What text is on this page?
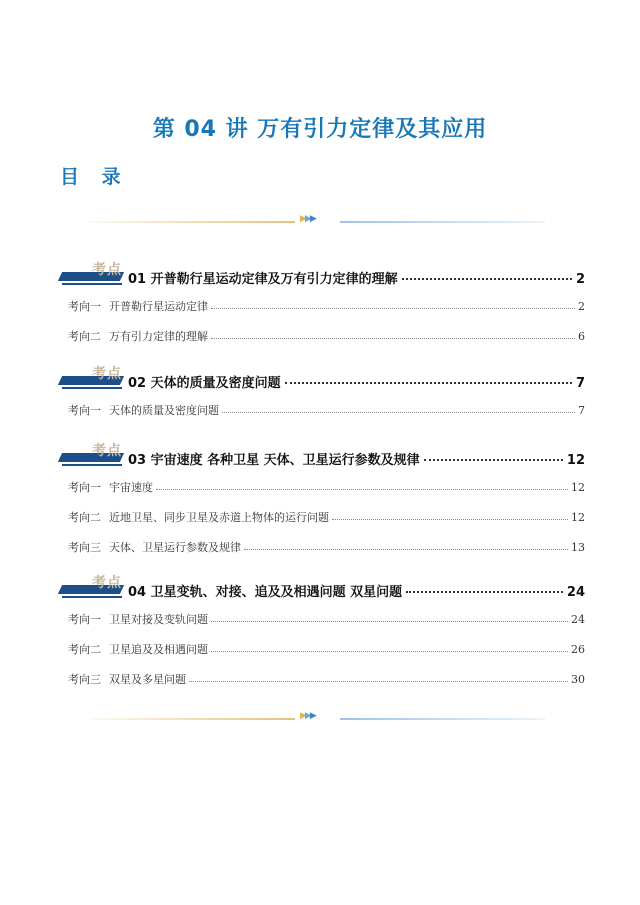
第 04 讲 万有引力定律及其应用
目 录
▶▶▶
考点
01 开普勒行星运动定律及万有引力定律的理解	2
考向一 开普勒行星运动定律	2
考向二 万有引力定律的理解	6
考点
02 天体的质量及密度问题	7
考向一 天体的质量及密度问题	7
考点
03 宇宙速度 各种卫星 天体、卫星运行参数及规律	12
考向一 宇宙速度	12
考向二 近地卫星、同步卫星及赤道上物体的运行问题	12
考向三 天体、卫星运行参数及规律	13
考点
04 卫星变轨、对接、追及及相遇问题 双星问题	24
考向一 卫星对接及变轨问题	24
考向二 卫星追及及相遇问题	26
考向三 双星及多星问题	30
▶▶▶
